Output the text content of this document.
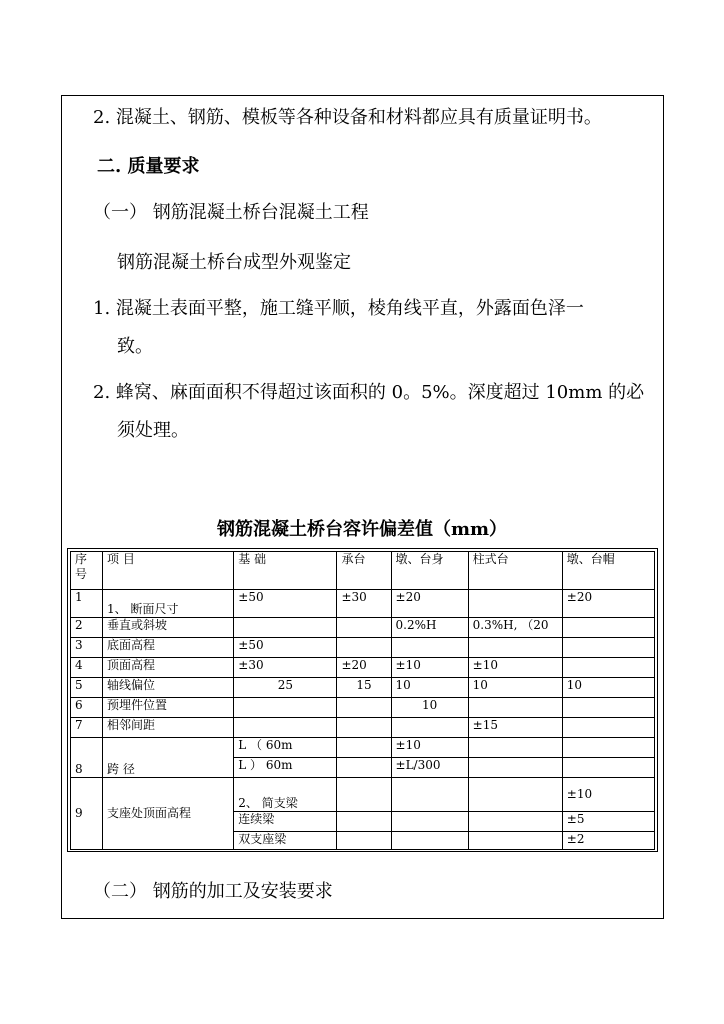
2. 混凝土、钢筋、模板等各种设备和材料都应具有质量证明书。
二. 质量要求
（一） 钢筋混凝土桥台混凝土工程
钢筋混凝土桥台成型外观鉴定
1. 混凝土表面平整，施工缝平顺，棱角线平直，外露面色泽一
致。
2. 蜂窝、麻面面积不得超过该面积的 0。5%。深度超过 10mm 的必
须处理。
钢筋混凝土桥台容许偏差值（mm）
序号	项 目	基 础	承台	墩、台身	柱式台	墩、台帽
1	1、 断面尺寸	±50	±30	±20		±20
2	垂直或斜坡			0.2%H	0.3%H, （20	
3	底面高程	±50				
4	顶面高程	±30	±20	±10	±10	
5	轴线偏位	25	15	10	10	10
6	预埋件位置			10		
7	相邻间距				±15	
8	跨 径	L （ 60m		±10		
		L ） 60m		±L/300		
9	支座处顶面高程	2、 简支梁				±10
		连续梁				±5
		双支座梁				±2
（二） 钢筋的加工及安装要求
